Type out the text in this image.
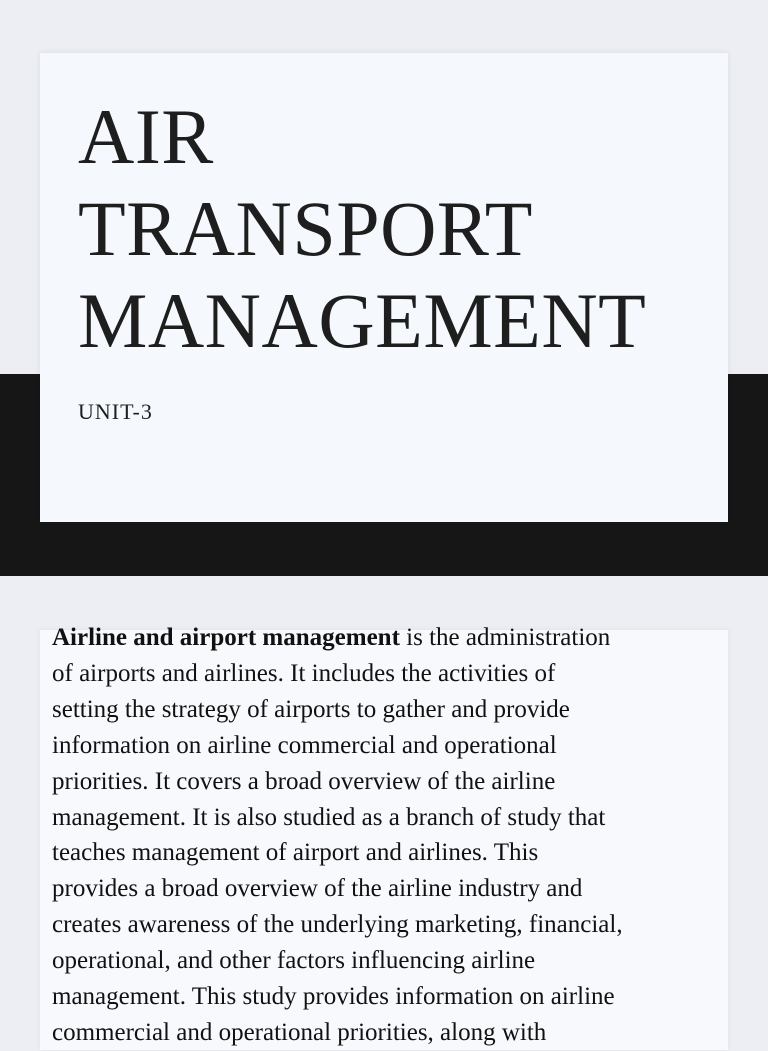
AIR
TRANSPORT
MANAGEMENT
UNIT-3
Airline and airport management is the administration
of airports and airlines. It includes the activities of
setting the strategy of airports to gather and provide
information on airline commercial and operational
priorities. It covers a broad overview of the airline
management. It is also studied as a branch of study that
teaches management of airport and airlines. This
provides a broad overview of the airline industry and
creates awareness of the underlying marketing, financial,
operational, and other factors influencing airline
management. This study provides information on airline
commercial and operational priorities, along with
